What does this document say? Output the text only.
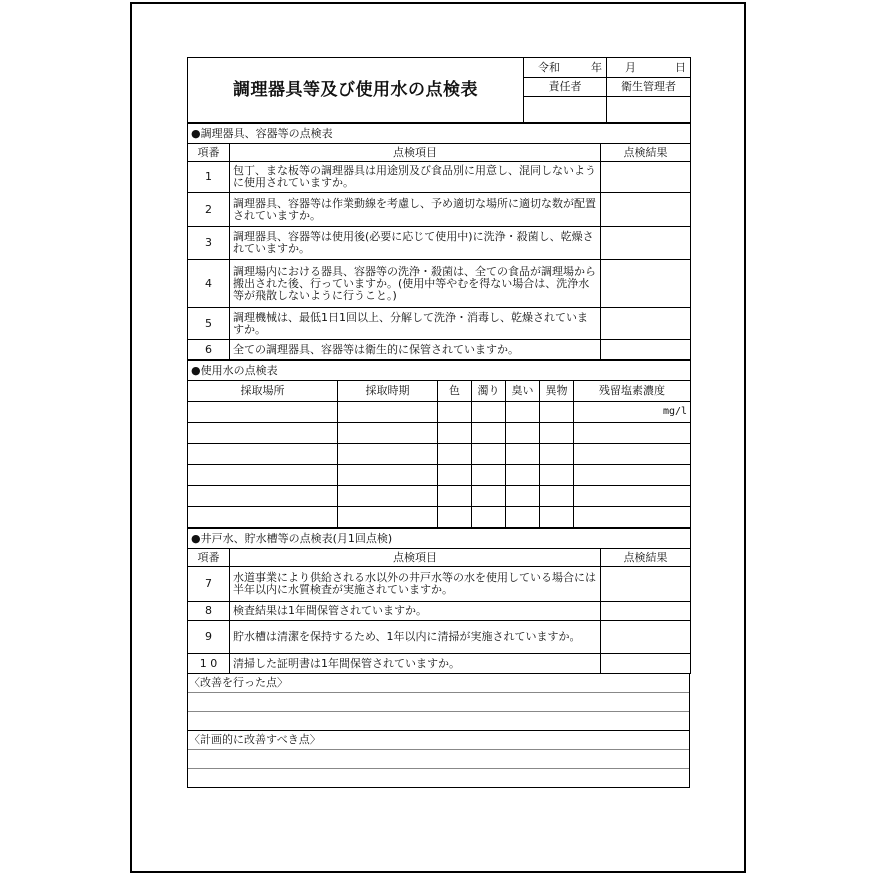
調理器具等及び使用水の点検表	令和 年	月 日

	責任者	衛生管理者

●調理器具、容器等の点検表		
項番	点検項目	点検結果
1	包丁、まな板等の調理器具は用途別及び食品別に用意し、混同しないように使用されていますか。	
2	調理器具、容器等は作業動線を考慮し、予め適切な場所に適切な数が配置されていますか。	
3	調理器具、容器等は使用後(必要に応じて使用中)に洗浄・殺菌し、乾燥されていますか。	
4	調理場内における器具、容器等の洗浄・殺菌は、全ての食品が調理場から搬出された後、行っていますか。(使用中等やむを得ない場合は、洗浄水等が飛散しないように行うこと。)	
5	調理機械は、最低1日1回以上、分解して洗浄・消毒し、乾燥されていますか。	
6	全ての調理器具、容器等は衛生的に保管されていますか。	
●使用水の点検表						
採取場所	採取時期	色	濁り	臭い	異物	残留塩素濃度
						mg/l

●井戸水、貯水槽等の点検表(月1回点検)		
項番	点検項目	点検結果
7	水道事業により供給される水以外の井戸水等の水を使用している場合には半年以内に水質検査が実施されていますか。	
8	検査結果は1年間保管されていますか。	
9	貯水槽は清潔を保持するため、1年以内に清掃が実施されていますか。	
1 0	清掃した証明書は1年間保管されていますか。	
〈改善を行った点〉
〈計画的に改善すべき点〉
